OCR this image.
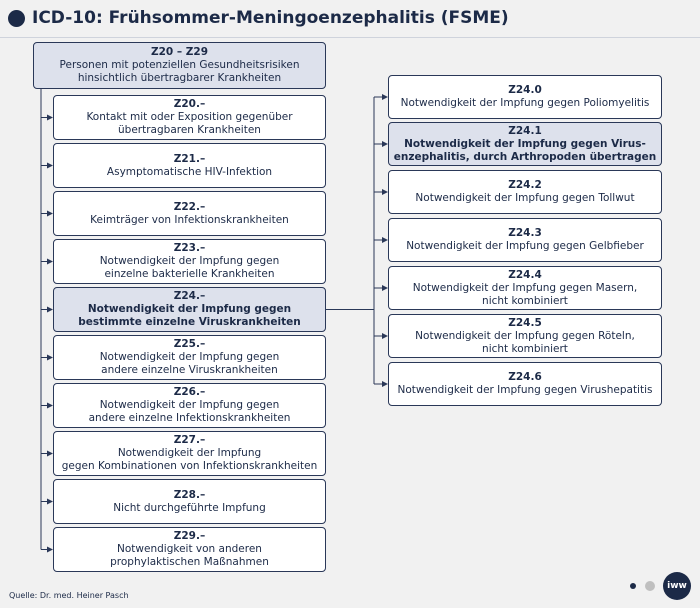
ICD-10: Frühsommer-Meningoenzephalitis (FSME)
Z20 – Z29
Personen mit potenziellen Gesundheitsrisiken
hinsichtlich übertragbarer Krankheiten
Z20.–
Kontakt mit oder Exposition gegenüber
übertragbaren Krankheiten
Z21.–
Asymptomatische HIV-Infektion
Z22.–
Keimträger von Infektionskrankheiten
Z23.–
Notwendigkeit der Impfung gegen
einzelne bakterielle Krankheiten
Z24.–
Notwendigkeit der Impfung gegen
bestimmte einzelne Viruskrankheiten
Z25.–
Notwendigkeit der Impfung gegen
andere einzelne Viruskrankheiten
Z26.–
Notwendigkeit der Impfung gegen
andere einzelne Infektionskrankheiten
Z27.–
Notwendigkeit der Impfung
gegen Kombinationen von Infektionskrankheiten
Z28.–
Nicht durchgeführte Impfung
Z29.–
Notwendigkeit von anderen
prophylaktischen Maßnahmen
Z24.0
Notwendigkeit der Impfung gegen Poliomyelitis
Z24.1
Notwendigkeit der Impfung gegen Virus-
enzephalitis, durch Arthropoden übertragen
Z24.2
Notwendigkeit der Impfung gegen Tollwut
Z24.3
Notwendigkeit der Impfung gegen Gelbfieber
Z24.4
Notwendigkeit der Impfung gegen Masern,
nicht kombiniert
Z24.5
Notwendigkeit der Impfung gegen Röteln,
nicht kombiniert
Z24.6
Notwendigkeit der Impfung gegen Virushepatitis
Quelle: Dr. med. Heiner Pasch
iww
